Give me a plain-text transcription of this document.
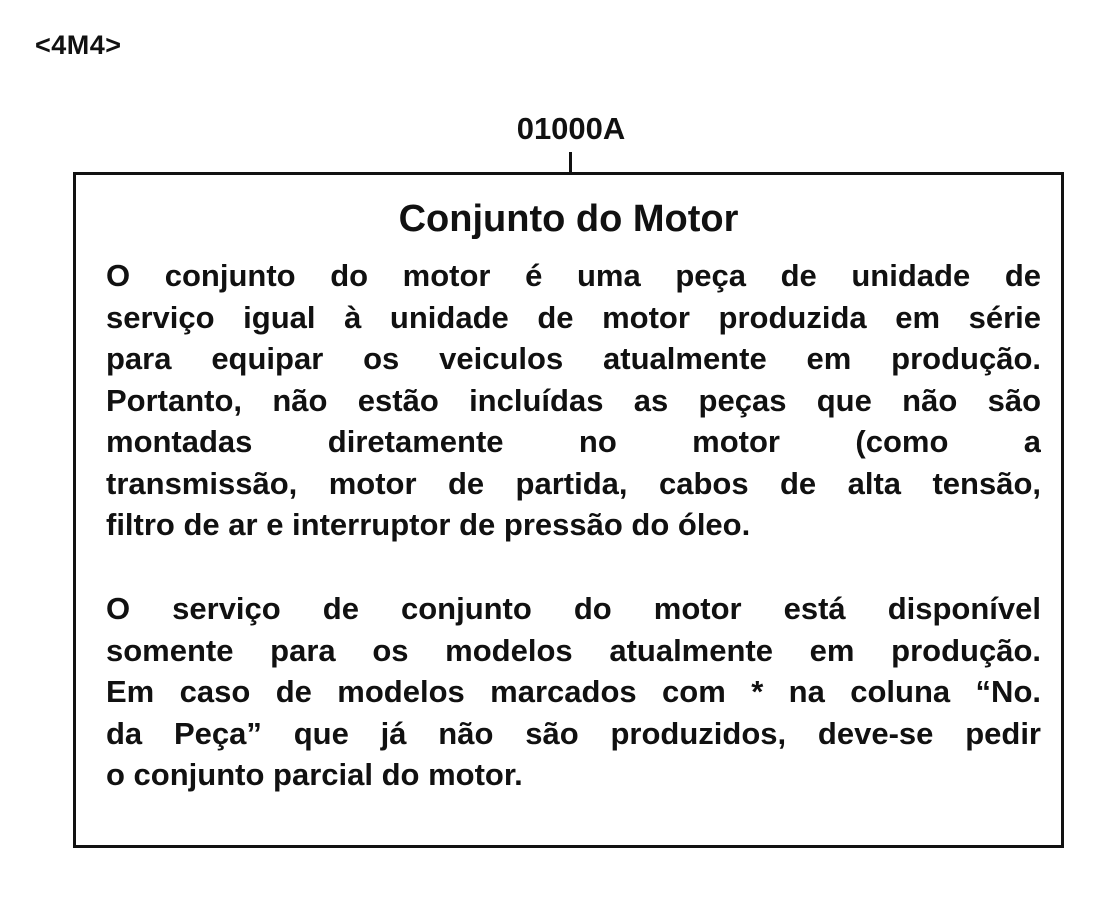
<4M4>
01000A
Conjunto do Motor
O conjunto do motor é uma peça de unidade de
serviço igual à unidade de motor produzida em série
para equipar os veiculos atualmente em produção.
Portanto, não estão incluídas as peças que não são
montadas diretamente no motor (como a
transmissão, motor de partida, cabos de alta tensão,
filtro de ar e interruptor de pressão do óleo.
O serviço de conjunto do motor está disponível
somente para os modelos atualmente em produção.
Em caso de modelos marcados com * na coluna “No.
da Peça” que já não são produzidos, deve-se pedir
o conjunto parcial do motor.
